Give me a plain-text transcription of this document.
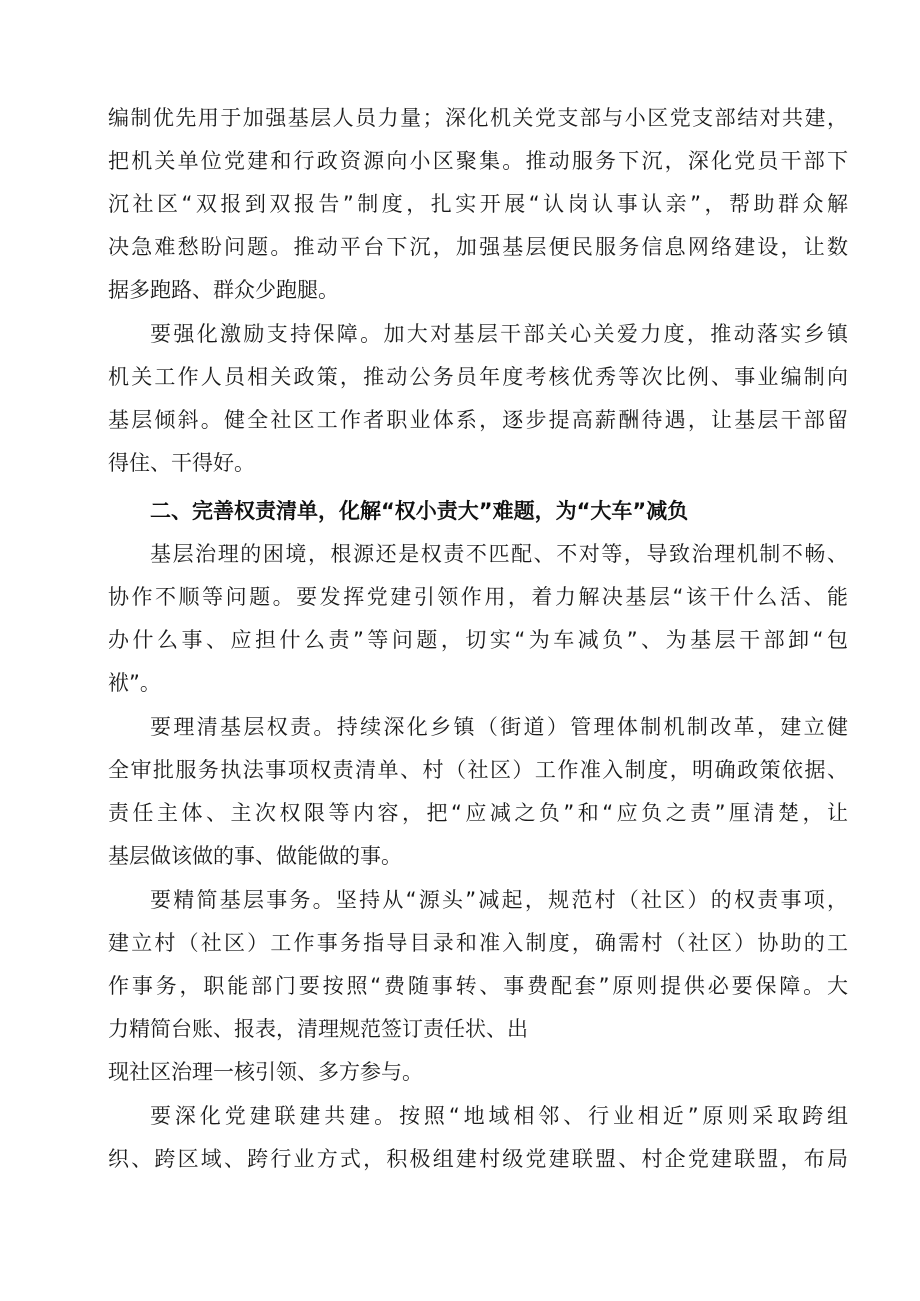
编制优先用于加强基层人员力量；深化机关党支部与小区党支部结对共建，
把机关单位党建和行政资源向小区聚集。推动服务下沉，深化党员干部下
沉社区“双报到双报告”制度，扎实开展“认岗认事认亲”，帮助群众解
决急难愁盼问题。推动平台下沉，加强基层便民服务信息网络建设，让数
据多跑路、群众少跑腿。
要强化激励支持保障。加大对基层干部关心关爱力度，推动落实乡镇
机关工作人员相关政策，推动公务员年度考核优秀等次比例、事业编制向
基层倾斜。健全社区工作者职业体系，逐步提高薪酬待遇，让基层干部留
得住、干得好。
二、完善权责清单，化解“权小责大”难题，为“大车”减负
基层治理的困境，根源还是权责不匹配、不对等，导致治理机制不畅、
协作不顺等问题。要发挥党建引领作用，着力解决基层“该干什么活、能
办什么事、应担什么责”等问题，切实“为车减负”、为基层干部卸“包
袱”。
要理清基层权责。持续深化乡镇（街道）管理体制机制改革，建立健
全审批服务执法事项权责清单、村（社区）工作准入制度，明确政策依据、
责任主体、主次权限等内容，把“应减之负”和“应负之责”厘清楚，让
基层做该做的事、做能做的事。
要精简基层事务。坚持从“源头”减起，规范村（社区）的权责事项，
建立村（社区）工作事务指导目录和准入制度，确需村（社区）协助的工
作事务，职能部门要按照“费随事转、事费配套”原则提供必要保障。大
力精简台账、报表，清理规范签订责任状、出
现社区治理一核引领、多方参与。
要深化党建联建共建。按照“地域相邻、行业相近”原则采取跨组
织、跨区域、跨行业方式，积极组建村级党建联盟、村企党建联盟，布局
